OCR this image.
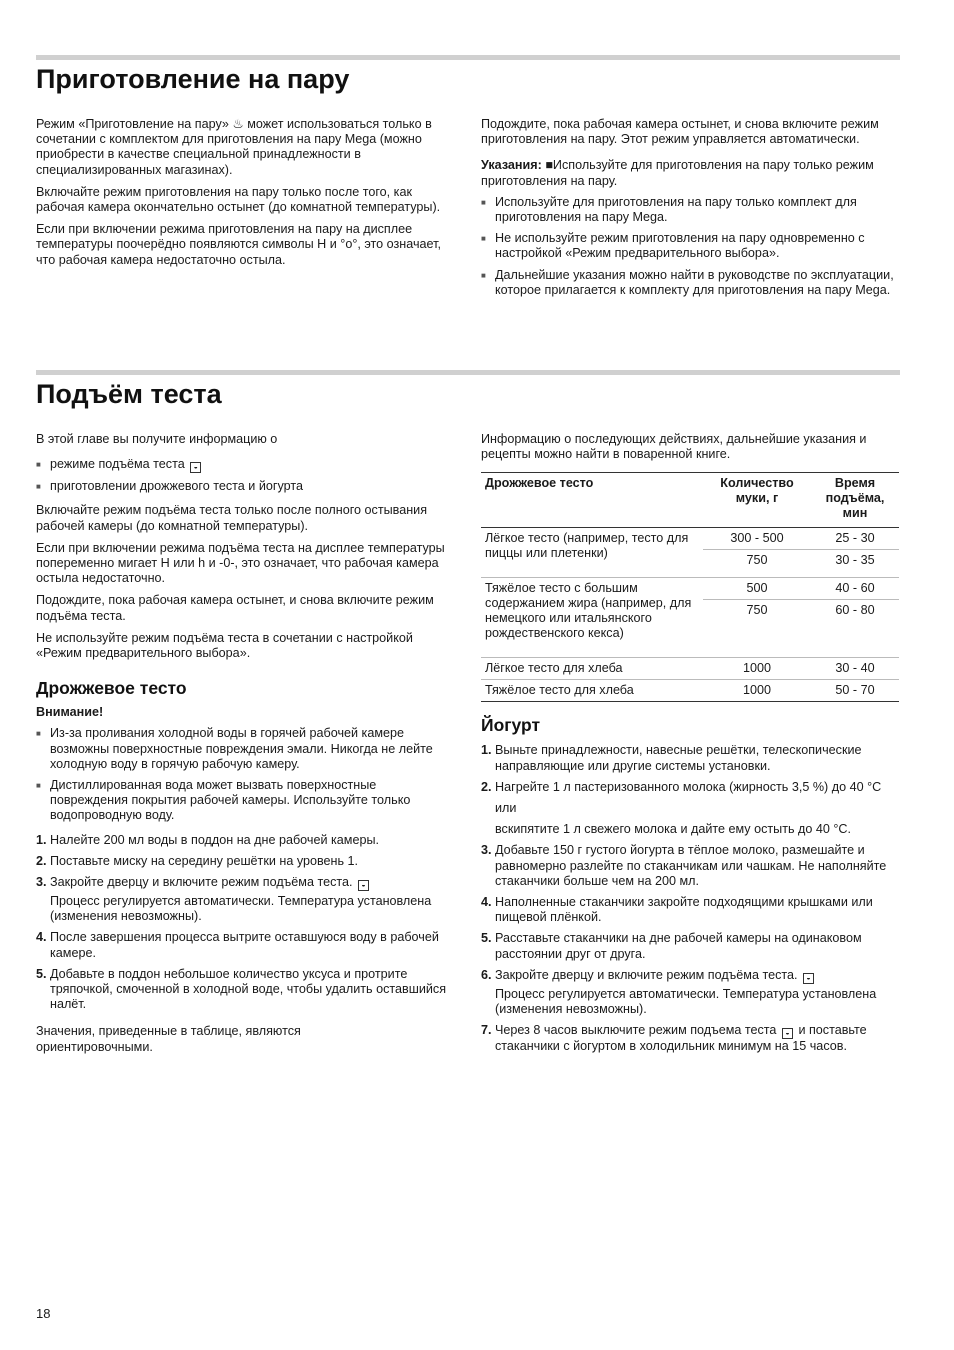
Приготовление на пару

Режим «Приготовление на пару» ♨ может использоваться только в сочетании с комплектом для приготовления на пару Mega (можно приобрести в качестве специальной принадлежности в специализированных магазинах).

Включайте режим приготовления на пару только после того, как рабочая камера окончательно остынет (до комнатной температуры).

Если при включении режима приготовления на пару на дисплее температуры поочерёдно появляются символы H и °o°, это означает, что рабочая камера недостаточно остыла.

Подождите, пока рабочая камера остынет, и снова включите режим приготовления на пару. Этот режим управляется автоматически.

Указания: ■Используйте для приготовления на пару только режим приготовления на пару.

■ Используйте для приготовления на пару только комплект для приготовления на пару Mega.
■ Не используйте режим приготовления на пару одновременно с настройкой «Режим предварительного выбора».
■ Дальнейшие указания можно найти в руководстве по эксплуатации, которое прилагается к комплекту для приготовления на пару Mega.
Подъём теста

В этой главе вы получите информацию о

■ режиме подъёма теста ◒
■ приготовлении дрожжевого теста и йогурта

Включайте режим подъёма теста только после полного остывания рабочей камеры (до комнатной температуры).

Если при включении режима подъёма теста на дисплее температуры попеременно мигает H или h и -0-, это означает, что рабочая камера остыла недостаточно.

Подождите, пока рабочая камера остынет, и снова включите режим подъёма теста.

Не используйте режим подъёма теста в сочетании с настройкой «Режим предварительного выбора».

Дрожжевое тесто

Внимание!

■ Из-за проливания холодной воды в горячей рабочей камере возможны поверхностные повреждения эмали. Никогда не лейте холодную воду в горячую рабочую камеру.
■ Дистиллированная вода может вызвать поверхностные повреждения покрытия рабочей камеры. Используйте только водопроводную воду.
1. Налейте 200 мл воды в поддон на дне рабочей камеры.
2. Поставьте миску на середину решётки на уровень 1.
3. Закройте дверцу и включите режим подъёма теста. ◒

Процесс регулируется автоматически. Температура установлена (изменения невозможны).
4. После завершения процесса вытрите оставшуюся воду в рабочей камере.
5. Добавьте в поддон небольшое количество уксуса и протрите тряпочкой, смоченной в холодной воде, чтобы удалить оставшийся налёт.

Значения, приведенные в таблице, являются ориентировочными.

Информацию о последующих действиях, дальнейшие указания и рецепты можно найти в поваренной книге.

Дрожжевое тесто	Количество муки, г	Время подъёма, мин
Лёгкое тесто (например, тесто для пиццы или плетенки)	300 - 500	25 - 30
	750	30 - 35
Тяжёлое тесто с большим содержанием жира (например, для немецкого или итальянского рождественского кекса)	500	40 - 60
	750	60 - 80
Лёгкое тесто для хлеба	1000	30 - 40
Тяжёлое тесто для хлеба	1000	50 - 70
Йогурт
1. Выньте принадлежности, навесные решётки, телескопические направляющие или другие системы установки.
2. Нагрейте 1 л пастеризованного молока (жирность 3,5 %) до 40 °C
или
вскипятите 1 л свежего молока и дайте ему остыть до 40 °C.
3. Добавьте 150 г густого йогурта в тёплое молоко, размешайте и равномерно разлейте по стаканчикам или чашкам. Не наполняйте стаканчики больше чем на 200 мл.
4. Наполненные стаканчики закройте подходящими крышками или пищевой плёнкой.
5. Расставьте стаканчики на дне рабочей камеры на одинаковом расстоянии друг от друга.
6. Закройте дверцу и включите режим подъёма теста. ◒
Процесс регулируется автоматически. Температура установлена (изменения невозможны).
7. Через 8 часов выключите режим подъема теста ◒ и поставьте стаканчики с йогуртом в холодильник минимум на 15 часов.
18
